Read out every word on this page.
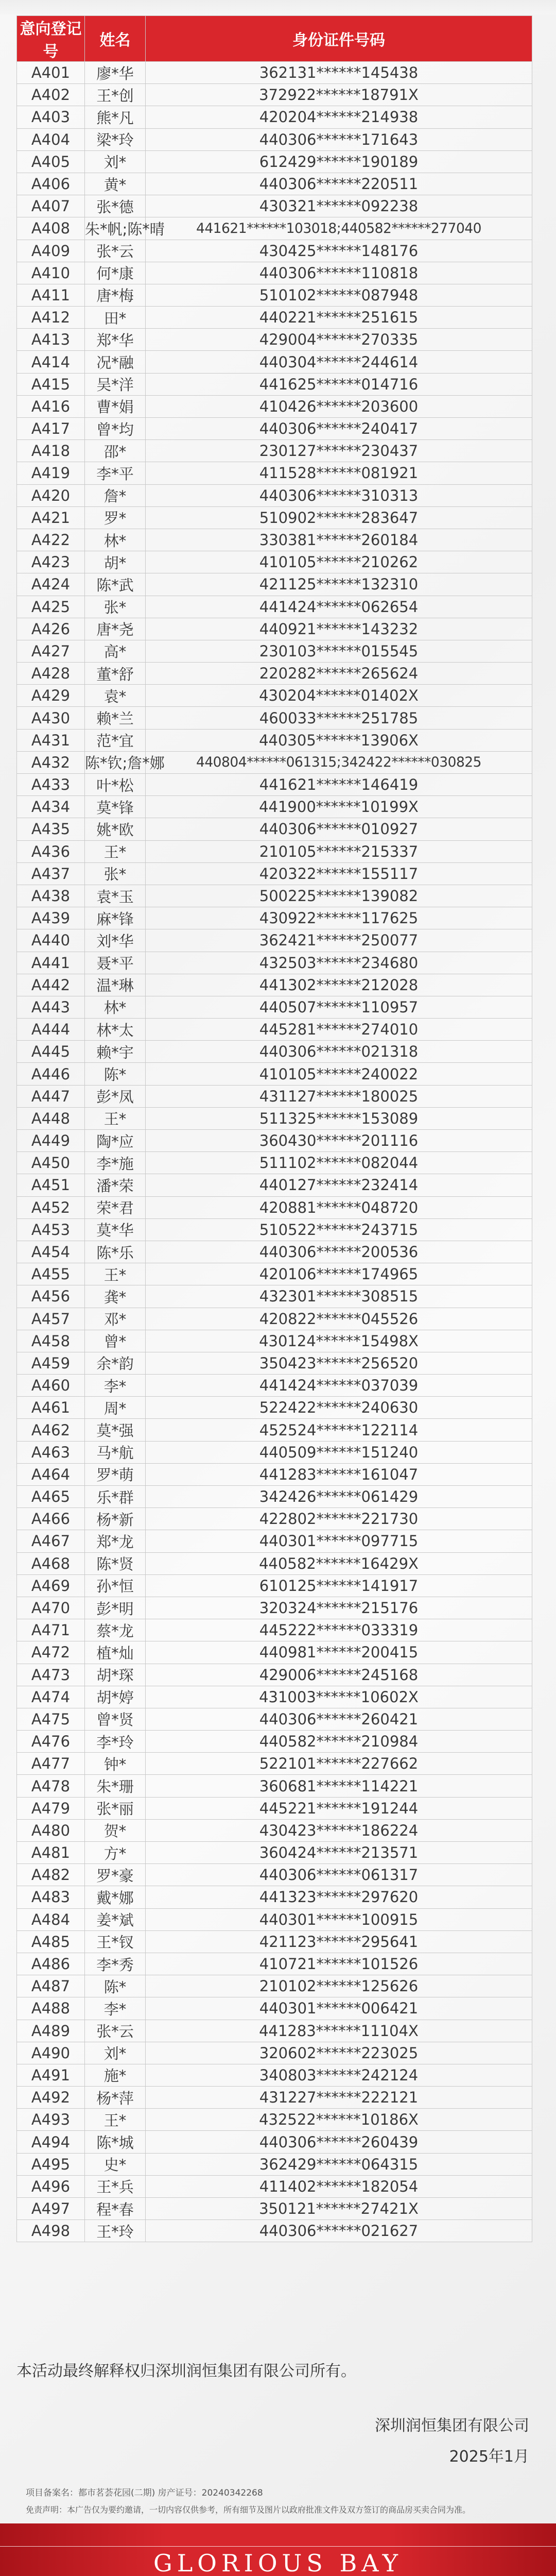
意向登记号	姓名	身份证件号码
A401	廖*华	362131******145438
A402	王*创	372922******18791X
A403	熊*凡	420204******214938
A404	梁*玲	440306******171643
A405	刘*	612429******190189
A406	黄*	440306******220511
A407	张*德	430321******092238
A408	朱*帆;陈*晴	441621******103018;440582******277040
A409	张*云	430425******148176
A410	何*康	440306******110818
A411	唐*梅	510102******087948
A412	田*	440221******251615
A413	郑*华	429004******270335
A414	况*融	440304******244614
A415	吴*洋	441625******014716
A416	曹*娟	410426******203600
A417	曾*均	440306******240417
A418	邵*	230127******230437
A419	李*平	411528******081921
A420	詹*	440306******310313
A421	罗*	510902******283647
A422	林*	330381******260184
A423	胡*	410105******210262
A424	陈*武	421125******132310
A425	张*	441424******062654
A426	唐*尧	440921******143232
A427	高*	230103******015545
A428	董*舒	220282******265624
A429	袁*	430204******01402X
A430	赖*兰	460033******251785
A431	范*宜	440305******13906X
A432	陈*钦;詹*娜	440804******061315;342422******030825
A433	叶*松	441621******146419
A434	莫*锋	441900******10199X
A435	姚*欧	440306******010927
A436	王*	210105******215337
A437	张*	420322******155117
A438	袁*玉	500225******139082
A439	麻*锋	430922******117625
A440	刘*华	362421******250077
A441	聂*平	432503******234680
A442	温*琳	441302******212028
A443	林*	440507******110957
A444	林*太	445281******274010
A445	赖*宇	440306******021318
A446	陈*	410105******240022
A447	彭*凤	431127******180025
A448	王*	511325******153089
A449	陶*应	360430******201116
A450	李*施	511102******082044
A451	潘*荣	440127******232414
A452	荣*君	420881******048720
A453	莫*华	510522******243715
A454	陈*乐	440306******200536
A455	王*	420106******174965
A456	龚*	432301******308515
A457	邓*	420822******045526
A458	曾*	430124******15498X
A459	余*韵	350423******256520
A460	李*	441424******037039
A461	周*	522422******240630
A462	莫*强	452524******122114
A463	马*航	440509******151240
A464	罗*萌	441283******161047
A465	乐*群	342426******061429
A466	杨*新	422802******221730
A467	郑*龙	440301******097715
A468	陈*贤	440582******16429X
A469	孙*恒	610125******141917
A470	彭*明	320324******215176
A471	蔡*龙	445222******033319
A472	植*灿	440981******200415
A473	胡*琛	429006******245168
A474	胡*婷	431003******10602X
A475	曾*贤	440306******260421
A476	李*玲	440582******210984
A477	钟*	522101******227662
A478	朱*珊	360681******114221
A479	张*丽	445221******191244
A480	贺*	430423******186224
A481	方*	360424******213571
A482	罗*豪	440306******061317
A483	戴*娜	441323******297620
A484	姜*斌	440301******100915
A485	王*钗	421123******295641
A486	李*秀	410721******101526
A487	陈*	210102******125626
A488	李*	440301******006421
A489	张*云	441283******11104X
A490	刘*	320602******223025
A491	施*	340803******242124
A492	杨*萍	431227******222121
A493	王*	432522******10186X
A494	陈*城	440306******260439
A495	史*	362429******064315
A496	王*兵	411402******182054
A497	程*春	350121******27421X
A498	王*玲	440306******021627
本活动最终解释权归深圳润恒集团有限公司所有。
深圳润恒集团有限公司
2025年1月
项目备案名：都市茗荟花园(二期) 房产证号：20240342268
免责声明：本广告仅为要约邀请，一切内容仅供参考，所有细节及图片以政府批准文件及双方签订的商品房买卖合同为准。
GLORIOUS BAY
